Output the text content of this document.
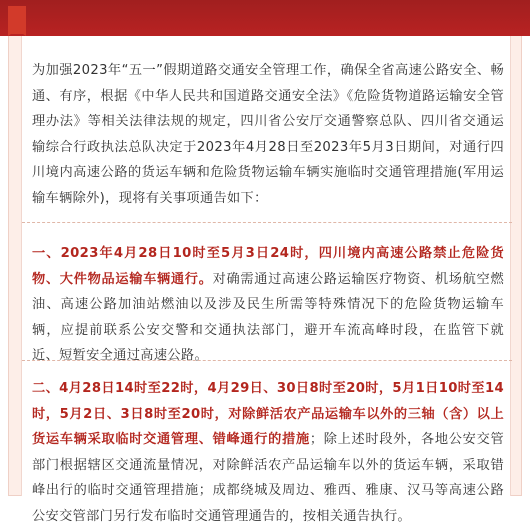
为加强2023年“五一”假期道路交通安全管理工作，确保全省高速公路安全、畅通、有序，根据《中华人民共和国道路交通安全法》《危险货物道路运输安全管理办法》等相关法律法规的规定，四川省公安厅交通警察总队、四川省交通运输综合行政执法总队决定于2023年4月28日至2023年5月3日期间，对通行四川境内高速公路的货运车辆和危险货物运输车辆实施临时交通管理措施(军用运输车辆除外)，现将有关事项通告如下：
一、2023年4月28日10时至5月3日24时，四川境内高速公路禁止危险货物、大件物品运输车辆通行。对确需通过高速公路运输医疗物资、机场航空燃油、高速公路加油站燃油以及涉及民生所需等特殊情况下的危险货物运输车辆，应提前联系公安交警和交通执法部门，避开车流高峰时段，在监管下就近、短暂安全通过高速公路。
二、4月28日14时至22时，4月29日、30日8时至20时，5月1日10时至14时，5月2日、3日8时至20时，对除鲜活农产品运输车以外的三轴（含）以上货运车辆采取临时交通管理、错峰通行的措施；除上述时段外，各地公安交管部门根据辖区交通流量情况，对除鲜活农产品运输车以外的货运车辆，采取错峰出行的临时交通管理措施；成都绕城及周边、雅西、雅康、汉马等高速公路公安交管部门另行发布临时交通管理通告的，按相关通告执行。
